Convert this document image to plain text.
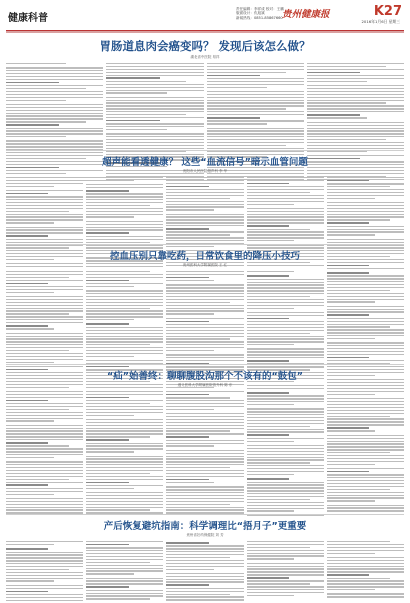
健康科普
责任编辑：李祥成 校对：王鹏
版面设计：仇旭斌
新闻热线：0851-85867660 贵州健康报	K27
2016年1月6日 星期三
胃肠道息肉会癌变吗？ 发现后该怎么做？
湖北省中医院 易祥
超声能看透健康？ 这些“血流信号”暗示血管问题
贵阳市人民医院超声科 李 华
控血压别只靠吃药，日常饮食里的降压小技巧
贵州医科大学附属医院 王 红
“疝”始善终：聊聊腹股沟那个不该有的“鼓包”
遵义医科大学附属医院普外科 陈 东
产后恢复避坑指南：科学调理比“捂月子”更重要
贵州省妇幼保健院 刘 芳
